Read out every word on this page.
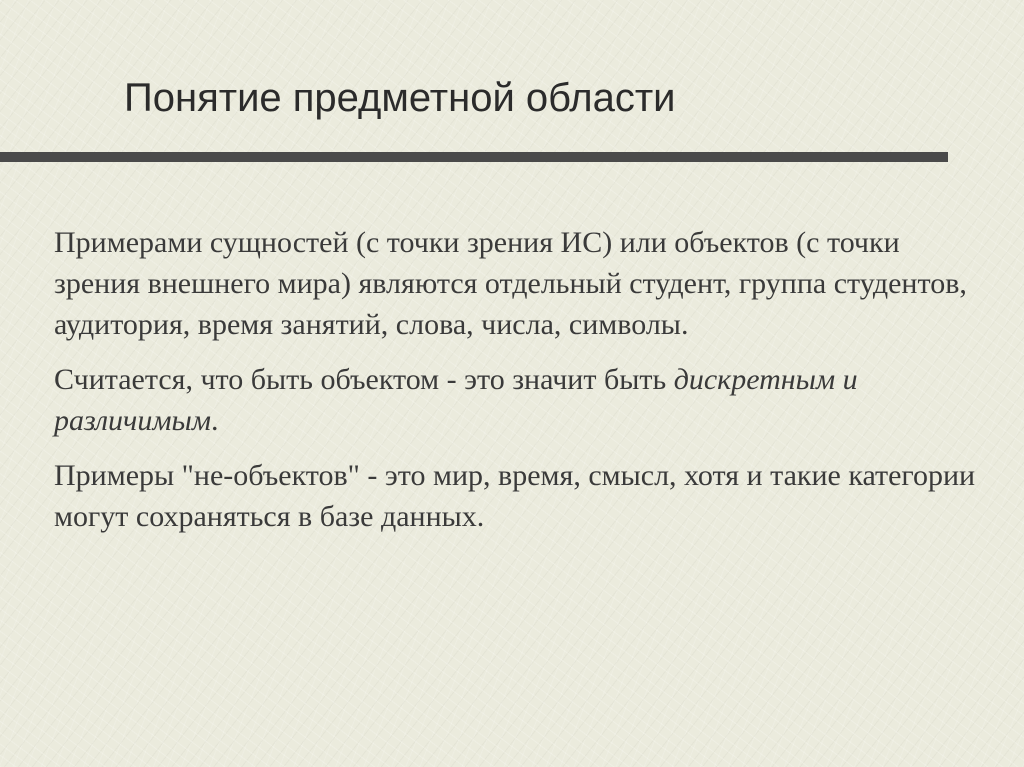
Понятие предметной области

Примерами сущностей (с точки зрения ИС) или объектов (с точки зрения внешнего мира) являются отдельный студент, группа студентов, аудитория, время занятий, слова, числа, символы.

Считается, что быть объектом - это значит быть дискретным и различимым.

Примеры "не-объектов" - это мир, время, смысл, хотя и такие категории могут сохраняться в базе данных.
